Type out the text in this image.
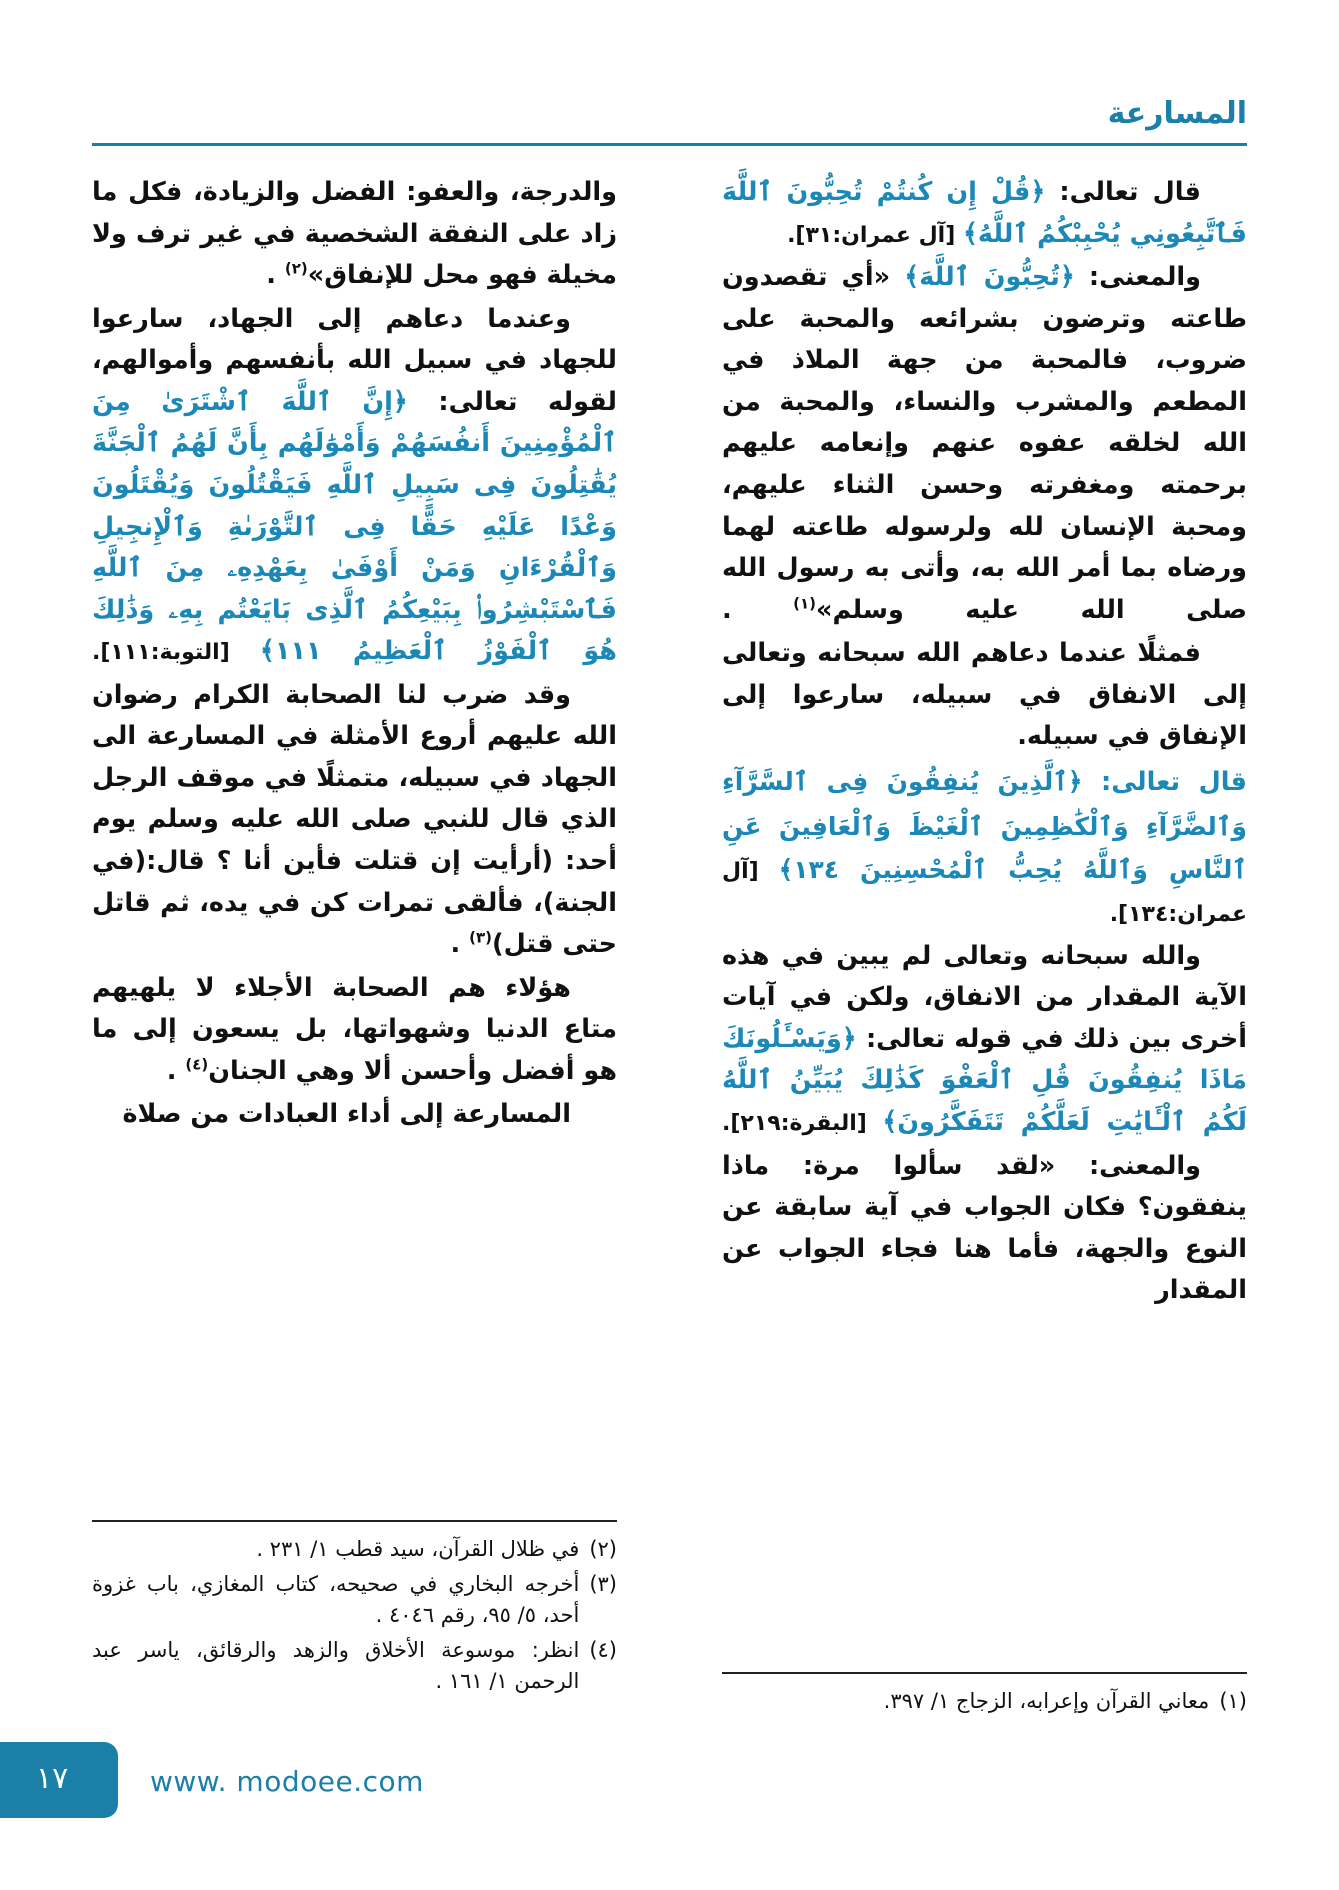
المسارعة

قال تعالى: ﴿قُلْ إِن كُنتُمْ تُحِبُّونَ ٱللَّهَ فَٱتَّبِعُونِي يُحْبِبْكُمُ ٱللَّهُ﴾ [آل عمران:٣١].

والمعنى: ﴿تُحِبُّونَ ٱللَّهَ﴾ «أي تقصدون طاعته وترضون بشرائعه والمحبة على ضروب، فالمحبة من جهة الملاذ في المطعم والمشرب والنساء، والمحبة من الله لخلقه عفوه عنهم وإنعامه عليهم برحمته ومغفرته وحسن الثناء عليهم، ومحبة الإنسان لله ولرسوله طاعته لهما ورضاه بما أمر الله به، وأتى به رسول الله صلى الله عليه وسلم»$^{(١)}$ .

فمثلًا عندما دعاهم الله سبحانه وتعالى إلى الانفاق في سبيله، سارعوا إلى الإنفاق في سبيله.

قال تعالى: ﴿ٱلَّذِينَ يُنفِقُونَ فِى ٱلسَّرَّآءِ وَٱلضَّرَّآءِ وَٱلْكَٰظِمِينَ ٱلْغَيْظَ وَٱلْعَافِينَ عَنِ ٱلنَّاسِ وَٱللَّهُ يُحِبُّ ٱلْمُحْسِنِينَ ١٣٤﴾ [آل عمران:١٣٤].

والله سبحانه وتعالى لم يبين في هذه الآية المقدار من الانفاق، ولكن في آيات أخرى بين ذلك في قوله تعالى: ﴿وَيَسْـَٔلُونَكَ مَاذَا يُنفِقُونَ قُلِ ٱلْعَفْوَ كَذَٰلِكَ يُبَيِّنُ ٱللَّهُ لَكُمُ ٱلْـَٔايَٰتِ لَعَلَّكُمْ تَتَفَكَّرُونَ﴾ [البقرة:٢١٩].

والمعنى: «لقد سألوا مرة: ماذا ينفقون؟ فكان الجواب في آية سابقة عن النوع والجهة، فأما هنا فجاء الجواب عن المقدار

والدرجة، والعفو: الفضل والزيادة، فكل ما زاد على النفقة الشخصية في غير ترف ولا مخيلة فهو محل للإنفاق»$^{(٢)}$ .

وعندما دعاهم إلى الجهاد، سارعوا للجهاد في سبيل الله بأنفسهم وأموالهم، لقوله تعالى: ﴿إِنَّ ٱللَّهَ ٱشْتَرَىٰ مِنَ ٱلْمُؤْمِنِينَ أَنفُسَهُمْ وَأَمْوَٰلَهُم بِأَنَّ لَهُمُ ٱلْجَنَّةَ يُقَٰتِلُونَ فِى سَبِيلِ ٱللَّهِ فَيَقْتُلُونَ وَيُقْتَلُونَ وَعْدًا عَلَيْهِ حَقًّا فِى ٱلتَّوْرَىٰةِ وَٱلْإِنجِيلِ وَٱلْقُرْءَانِ وَمَنْ أَوْفَىٰ بِعَهْدِهِۦ مِنَ ٱللَّهِ فَٱسْتَبْشِرُوا۟ بِبَيْعِكُمُ ٱلَّذِى بَايَعْتُم بِهِۦ وَذَٰلِكَ هُوَ ٱلْفَوْزُ ٱلْعَظِيمُ ١١١﴾ [التوبة:١١١].

وقد ضرب لنا الصحابة الكرام رضوان الله عليهم أروع الأمثلة في المسارعة الى الجهاد في سبيله، متمثلًا في موقف الرجل الذي قال للنبي صلى الله عليه وسلم يوم أحد: (أرأيت إن قتلت فأين أنا ؟ قال:(في الجنة)، فألقى تمرات كن في يده، ثم قاتل حتى قتل)$^{(٣)}$ .

هؤلاء هم الصحابة الأجلاء لا يلهيهم متاع الدنيا وشهواتها، بل يسعون إلى ما هو أفضل وأحسن ألا وهي الجنان$^{(٤)}$ .

المسارعة إلى أداء العبادات من صلاة

(١)
معاني القرآن وإعرابه، الزجاج ١/ ٣٩٧.
(٢)
في ظلال القرآن، سيد قطب ١/ ٢٣١ .
(٣)
أخرجه البخاري في صحيحه، كتاب المغازي، باب غزوة أحد، ٥/ ٩٥، رقم ٤٠٤٦ .
(٤)
انظر: موسوعة الأخلاق والزهد والرقائق، ياسر عبد الرحمن ١/ ١٦١ .
١٧	www. modoee.com
